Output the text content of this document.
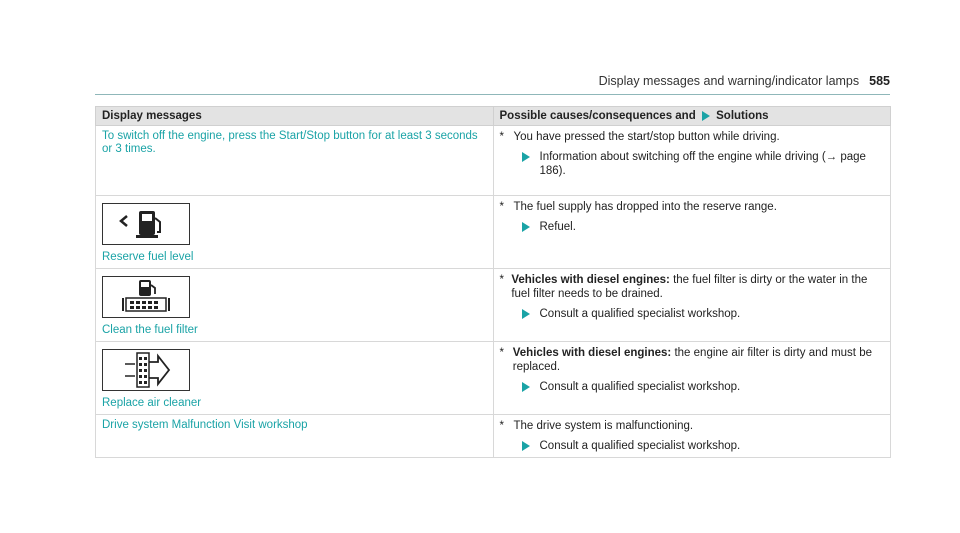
Display messages and warning/indicator lamps 585
Display messages	Possible causes/consequences and Solutions

To switch off the engine, press the Start/Stop button for at least 3 seconds or 3 times.	* You have pressed the start/stop button while driving.
Information about switching off the engine while driving (→ page 186).

Reserve fuel level	* The fuel supply has dropped into the reserve range.
Refuel.

Clean the fuel filter	* Vehicles with diesel engines: the fuel filter is dirty or the water in the fuel filter needs to be drained.
Consult a qualified specialist workshop.

Replace air cleaner	* Vehicles with diesel engines: the engine air filter is dirty and must be replaced.
Consult a qualified specialist workshop.

Drive system Malfunction Visit workshop	* The drive system is malfunctioning.
Consult a qualified specialist workshop.
